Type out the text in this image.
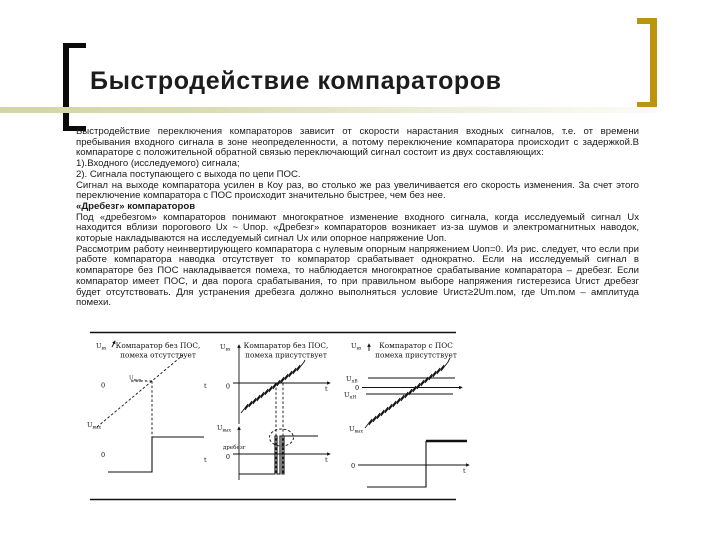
Быстродействие компараторов

Быстродействие переключения компараторов зависит от скорости нарастания входных сигналов, т.е. от времени пребывания входного сигнала в зоне неопределенности, а потому переключение компаратора происходит с задержкой.В компараторе с положительной обратной связью переключающий сигнал состоит из двух составляющих:

1).Входного (исследуемого) сигнала;

2). Сигнала поступающего с выхода по цепи ПОС.

Сигнал на выходе компаратора усилен в Коу раз, во столько же раз увеличивается его скорость изменения. За счет этого переключение компаратора с ПОС происходит значительно быстрее, чем без нее.

«Дребезг» компараторов

Под «дребезгом» компараторов понимают многократное изменение входного сигнала, когда исследуемый сигнал Uх находится вблизи порогового Uх ~ Uпор. «Дребезг» компараторов возникает из-за шумов и электромагнитных наводок, которые накладываются на исследуемый сигнал Uх или опорное напряжение Uоп.

Рассмотрим работу неинвертирующего компаратора с нулевым опорным напряжением Uоп=0. Из рис. следует, что если при работе компаратора наводка отсутствует то компаратор срабатывает однократно. Если на исследуемый сигнал в компараторе без ПОС накладывается помеха, то наблюдается многократное срабатывание компаратора – дребезг. Если компаратор имеет ПОС, и два порога срабатывания, то при правильном выборе напряжения гистерезиса Uгист дребезг будет отсутствовать. Для устранения дребезга должно выполняться условие Uгист≥2Um.пом, где Um.пом – амплитуда помехи.

$U_{вх}$ Компаратор без ПОС,
помеха отсутствует
0
$U_{пор}$
t
$U_{вых}$
0
t
$U_{вх}$
Компаратор без ПОС,
помеха присутствует
0	t
$U_{вых}$
0	t
дребезг
$U_{вх}$ Компаратор с ПОС
помеха присутствует
$U_{пВ}$
0
$U_{пН}$
$U_{вых}$
0
t
